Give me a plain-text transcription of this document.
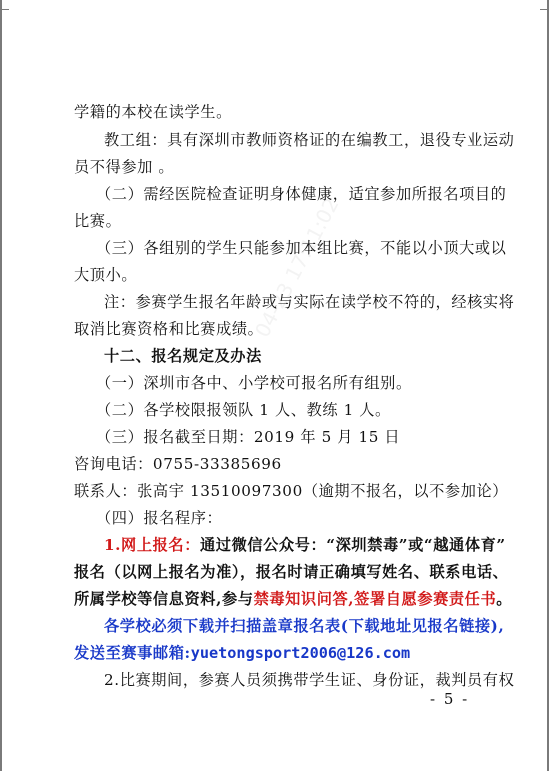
04-23 17:11:02
学籍的本校在读学生。
教工组：具有深圳市教师资格证的在编教工，退役专业运动
员不得参加 。
（二）需经医院检查证明身体健康，适宜参加所报名项目的
比赛。
（三）各组别的学生只能参加本组比赛，不能以小顶大或以
大顶小。
注：参赛学生报名年龄或与实际在读学校不符的，经核实将
取消比赛资格和比赛成绩。
十二、报名规定及办法
（一）深圳市各中、小学校可报名所有组别。
（二）各学校限报领队 1 人、教练 1 人。
（三）报名截至日期：2019 年 5 月 15 日
咨询电话：0755-33385696
联系人：张高宇 13510097300（逾期不报名，以不参加论）
（四）报名程序：
1.网上报名：通过微信公众号：“深圳禁毒”或“越通体育”
报名（以网上报名为准），报名时请正确填写姓名、联系电话、
所属学校等信息资料,参与禁毒知识问答,签署自愿参赛责任书。
各学校必须下载并扫描盖章报名表(下载地址见报名链接),
发送至赛事邮箱:yuetongsport2006@126.com
2.比赛期间，参赛人员须携带学生证、身份证，裁判员有权
- 5 -
